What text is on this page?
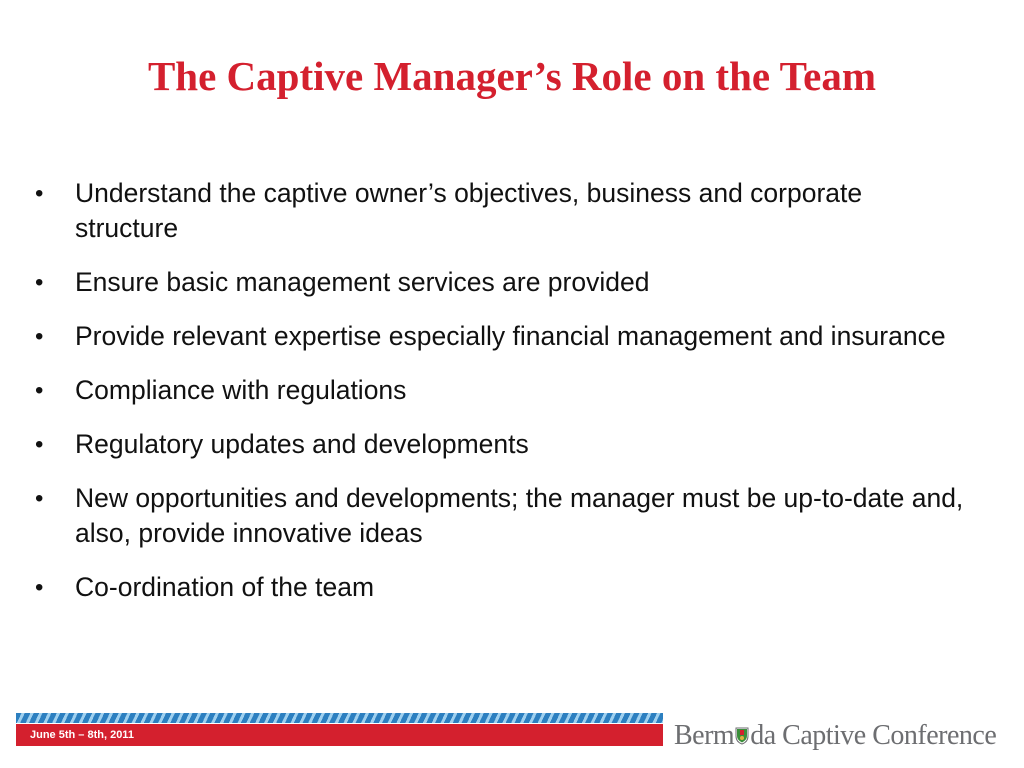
The Captive Manager’s Role on the Team
•	Understand the captive owner’s objectives, business and corporate structure
•	Ensure basic management services are provided
•	Provide relevant expertise especially financial management and insurance
•	Compliance with regulations
•	Regulatory updates and developments
•	New opportunities and developments; the manager must be up-to-date and, also, provide innovative ideas
•	Co-ordination of the team
June 5th – 8th, 2011	Berm da Captive Conference
